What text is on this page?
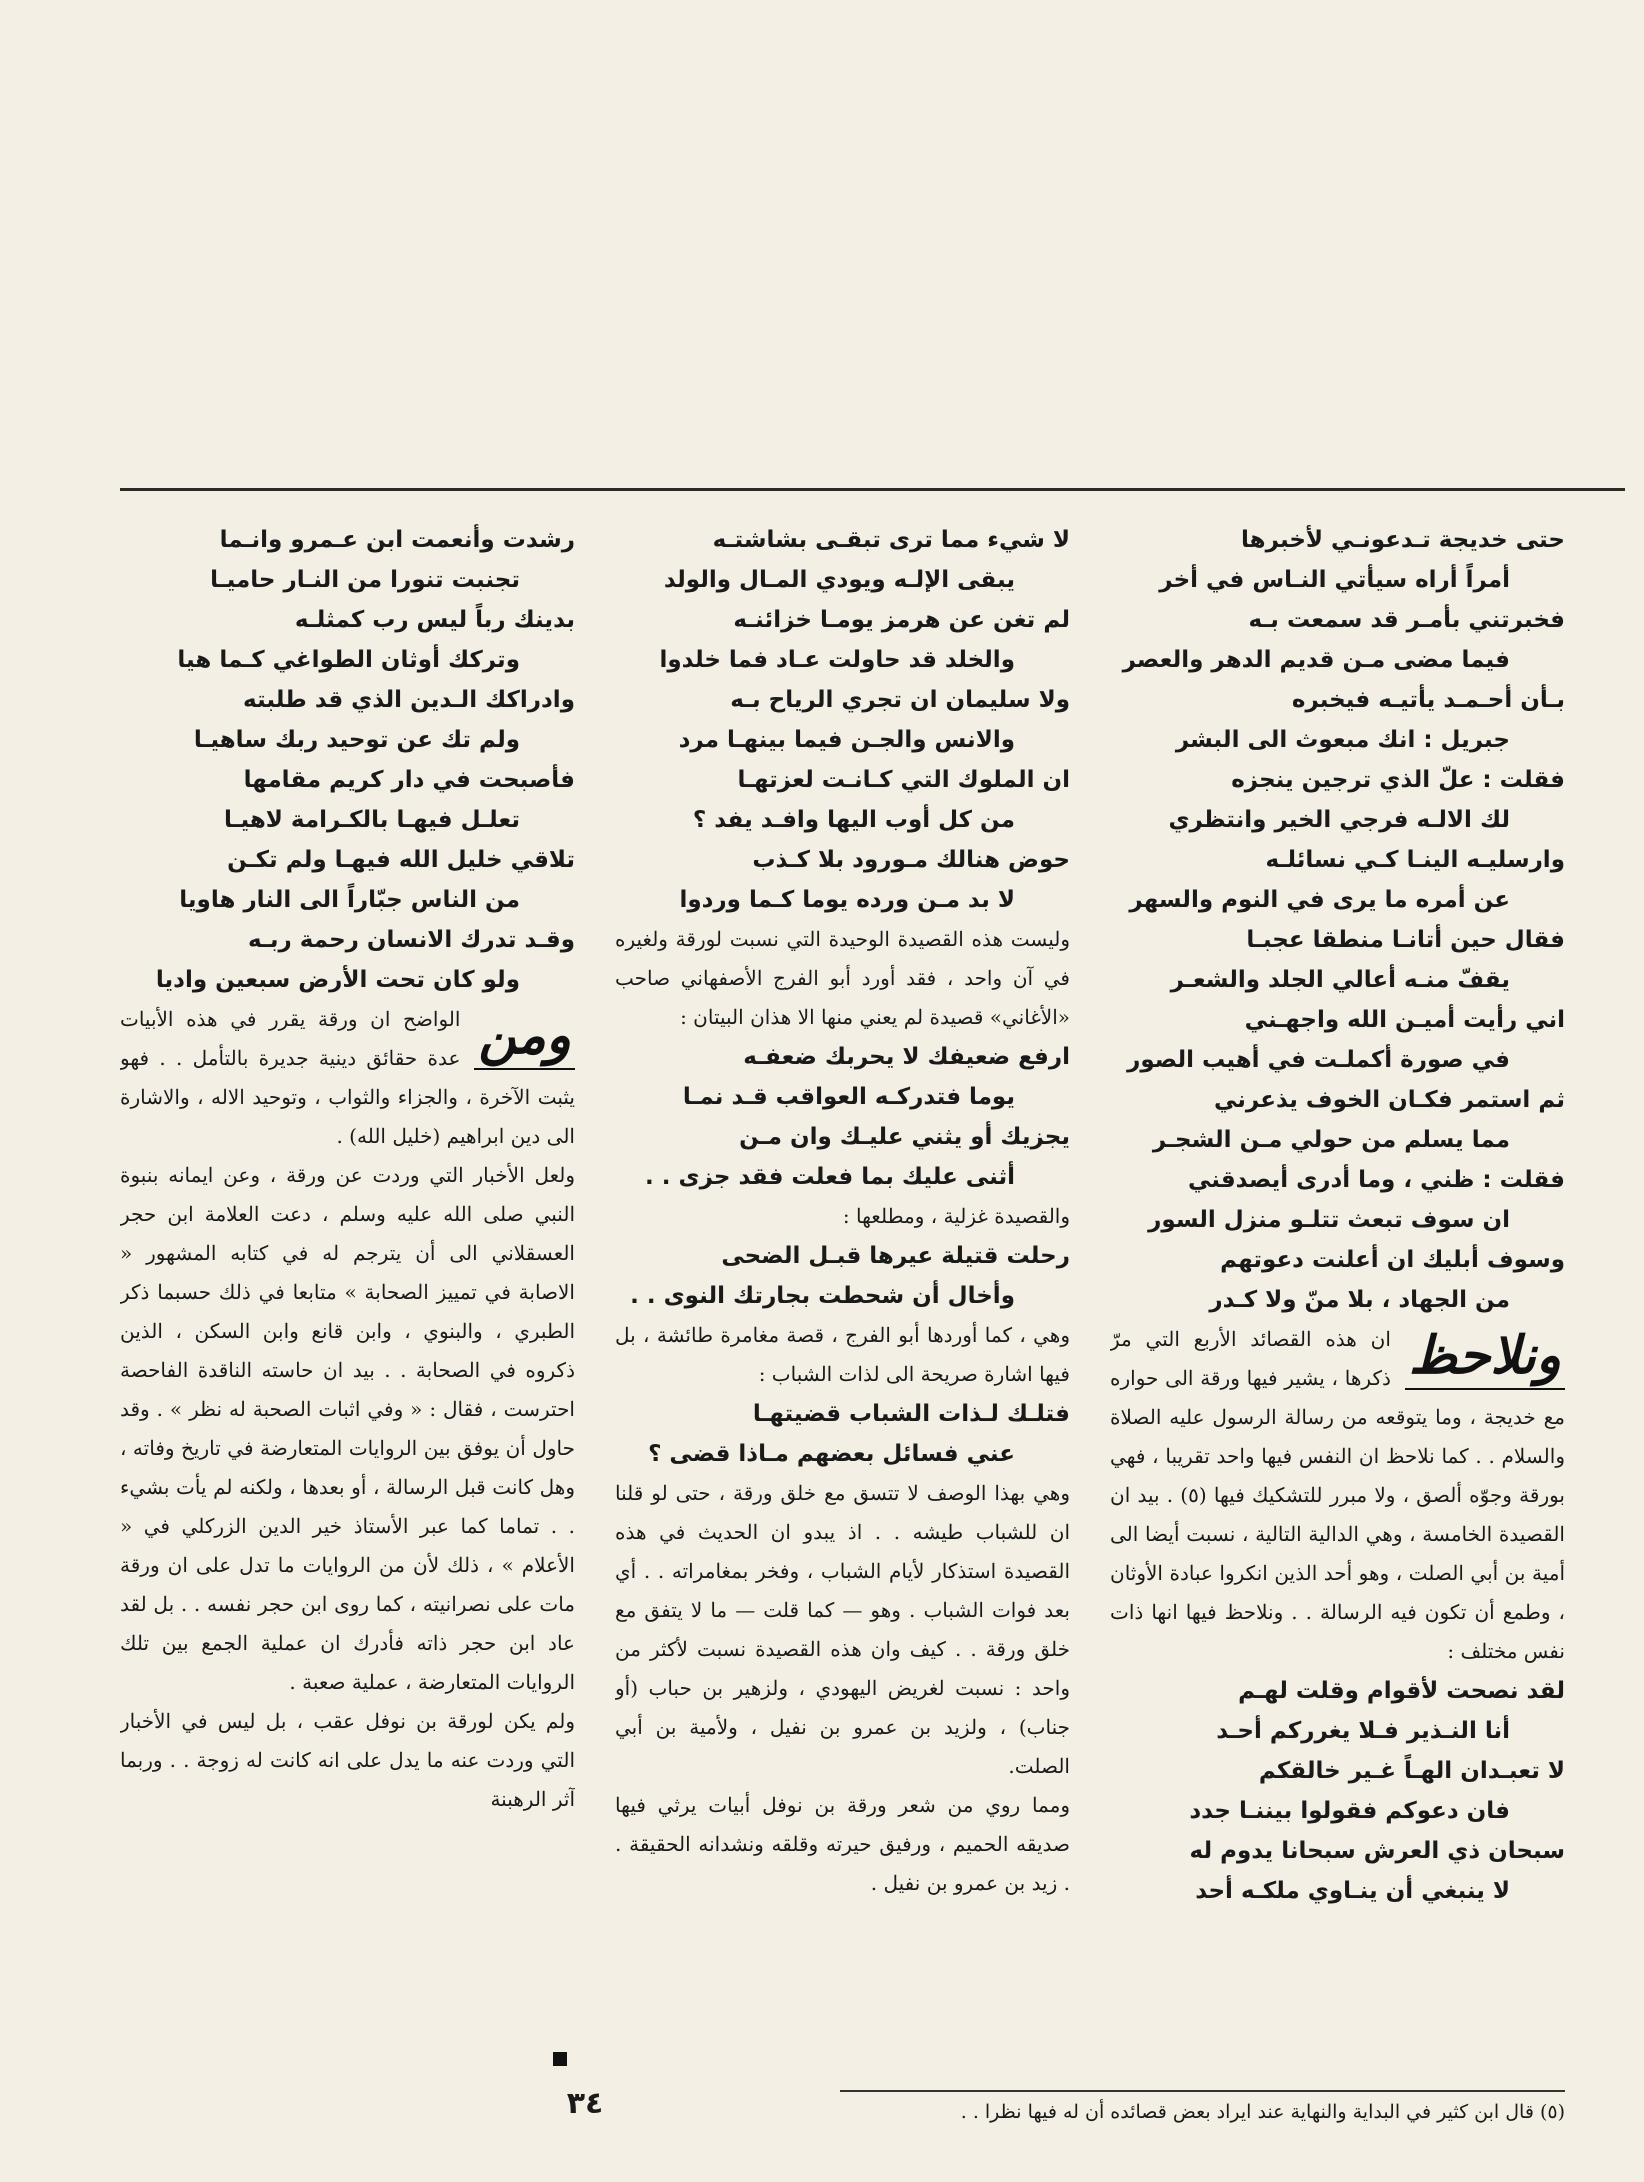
حتى خديجة تـدعونـي لأخبرها

أمراً أراه سيأتي النـاس في أخر

فخبرتني بأمـر قد سمعت بـه

فيما مضى مـن قديم الدهر والعصر

بـأن أحـمـد يأتيـه فيخبره

جبريل : انك مبعوث الى البشر

فقلت : علّ الذي ترجين ينجزه

لك الالـه فرجي الخير وانتظري

وارسليـه الينـا كـي نسائلـه

عن أمره ما يرى في النوم والسهر

فقال حين أتانـا منطقا عجبـا

يقفّ منـه أعالي الجلد والشعـر

اني رأيت أميـن الله واجهـني

في صورة أكملـت في أهيب الصور

ثم استمر فكـان الخوف يذعرني

مما يسلم من حولي مـن الشجـر

فقلت : ظني ، وما أدرى أيصدقني

ان سوف تبعث تتلـو منزل السور

وسوف أبليك ان أعلنت دعوتهم

من الجهاد ، بلا منّ ولا كـدر

ونلاحظ

ان هذه القصائد الأربع التي مرّ ذكرها ، يشير فيها ورقة الى حواره مع خديجة ، وما يتوقعه من رسالة الرسول عليه الصلاة والسلام . . كما نلاحظ ان النفس فيها واحد تقريبا ، فهي بورقة وجوّه ألصق ، ولا مبرر للتشكيك فيها (٥) . بيد ان القصيدة الخامسة ، وهي الدالية التالية ، نسبت أيضا الى أمية بن أبي الصلت ، وهو أحد الذين انكروا عبادة الأوثان ، وطمع أن تكون فيه الرسالة . . ونلاحظ فيها انها ذات نفس مختلف :

لقد نصحت لأقوام وقلت لهـم

أنا النـذير فـلا يغرركم أحـد

لا تعبـدان الهـاً غـير خالقكم

فان دعوكم فقولوا بيننـا جدد

سبحان ذي العرش سبحانا يدوم له

لا ينبغي أن ينـاوي ملكـه أحد

لا شيء مما ترى تبقـى بشاشتـه

يبقى الإلـه ويودي المـال والولد

لم تغن عن هرمز يومـا خزائنـه

والخلد قد حاولت عـاد فما خلدوا

ولا سليمان ان تجري الرياح بـه

والانس والجـن فيما بينهـا مرد

ان الملوك التي كـانـت لعزتهـا

من كل أوب اليها وافـد يفد ؟

حوض هنالك مـورود بلا كـذب

لا بد مـن ورده يوما كـما وردوا

وليست هذه القصيدة الوحيدة التي نسبت لورقة ولغيره في آن واحد ، فقد أورد أبو الفرج الأصفهاني صاحب «الأغاني» قصيدة لم يعني منها الا هذان البيتان :

ارفع ضعيفك لا يحربك ضعفـه

يوما فتدركـه العواقب قـد نمـا

يجزيك أو يثني عليـك وان مـن

أثنى عليك بما فعلت فقد جزى . .

والقصيدة غزلية ، ومطلعها :

رحلت قتيلة عيرها قبـل الضحى

وأخال أن شحطت بجارتك النوى . .

وهي ، كما أوردها أبو الفرج ، قصة مغامرة طائشة ، بل فيها اشارة صريحة الى لذات الشباب :

فتلـك لـذات الشباب قضيتهـا

عني فسائل بعضهم مـاذا قضى ؟

وهي بهذا الوصف لا تتسق مع خلق ورقة ، حتى لو قلنا ان للشباب طيشه . . اذ يبدو ان الحديث في هذه القصيدة استذكار لأيام الشباب ، وفخر بمغامراته . . أي بعد فوات الشباب . وهو — كما قلت — ما لا يتفق مع خلق ورقة . . كيف وان هذه القصيدة نسبت لأكثر من واحد : نسبت لغريض اليهودي ، ولزهير بن حباب (أو جناب) ، ولزيد بن عمرو بن نفيل ، ولأمية بن أبي الصلت.

ومما روي من شعر ورقة بن نوفل أبيات يرثي فيها صديقه الحميم ، ورفيق حيرته وقلقه ونشدانه الحقيقة . . زيد بن عمرو بن نفيل .

رشدت وأنعمت ابن عـمرو وانـما

تجنبت تنورا من النـار حاميـا

بدينك رباً ليس رب كمثلـه

وتركك أوثان الطواغي كـما هيا

وادراكك الـدين الذي قد طلبته

ولم تك عن توحيد ربك ساهيـا

فأصبحت في دار كريم مقامها

تعلـل فيهـا بالكـرامة لاهيـا

تلاقي خليل الله فيهـا ولم تكـن

من الناس جبّاراً الى النار هاويا

وقـد تدرك الانسان رحمة ربـه

ولو كان تحت الأرض سبعين واديا

ومن

الواضح ان ورقة يقرر في هذه الأبيات عدة حقائق دينية جديرة بالتأمل . . فهو يثبت الآخرة ، والجزاء والثواب ، وتوحيد الاله ، والاشارة الى دين ابراهيم (خليل الله) .

ولعل الأخبار التي وردت عن ورقة ، وعن ايمانه بنبوة النبي صلى الله عليه وسلم ، دعت العلامة ابن حجر العسقلاني الى أن يترجم له في كتابه المشهور « الاصابة في تمييز الصحابة » متابعا في ذلك حسبما ذكر الطبري ، والبنوي ، وابن قانع وابن السكن ، الذين ذكروه في الصحابة . . بيد ان حاسته الناقدة الفاحصة احترست ، فقال : « وفي اثبات الصحبة له نظر » . وقد حاول أن يوفق بين الروايات المتعارضة في تاريخ وفاته ، وهل كانت قبل الرسالة ، أو بعدها ، ولكنه لم يأت بشيء . . تماما كما عبر الأستاذ خير الدين الزركلي في « الأعلام » ، ذلك لأن من الروايات ما تدل على ان ورقة مات على نصرانيته ، كما روى ابن حجر نفسه . . بل لقد عاد ابن حجر ذاته فأدرك ان عملية الجمع بين تلك الروايات المتعارضة ، عملية صعبة .

ولم يكن لورقة بن نوفل عقب ، بل ليس في الأخبار التي وردت عنه ما يدل على انه كانت له زوجة . . وربما آثر الرهبنة

٣٤	(٥) قال ابن كثير في البداية والنهاية عند ايراد بعض قصائده أن له فيها نظرا . .
